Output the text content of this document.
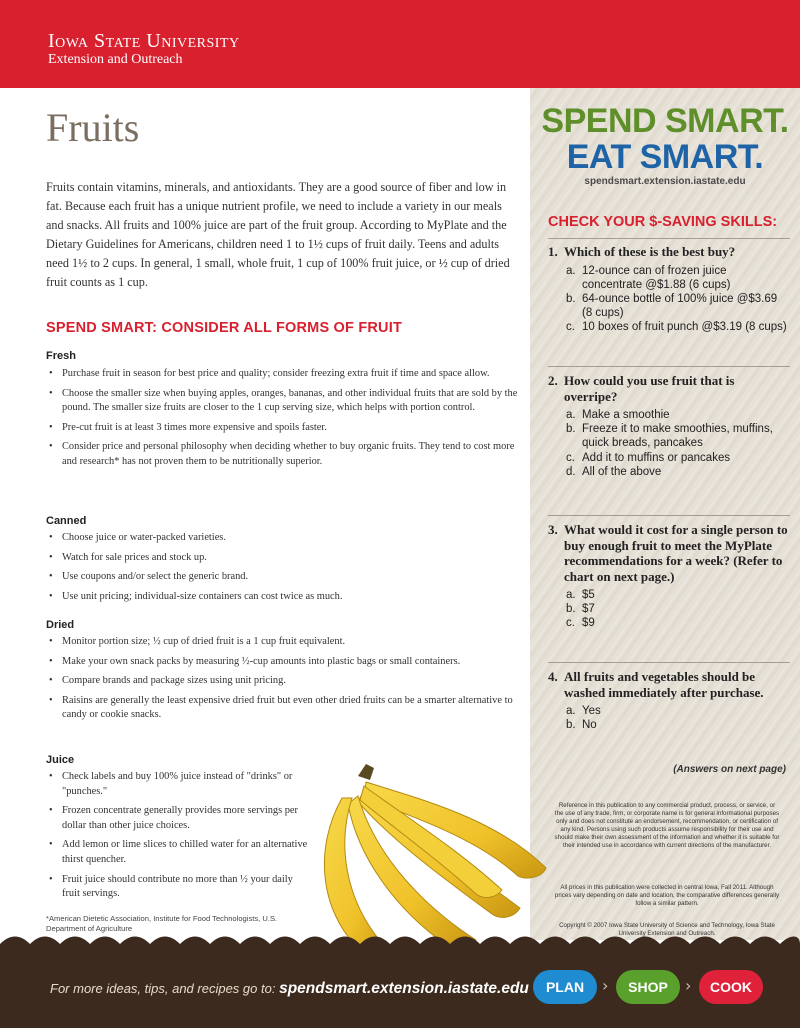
Iowa State University
Extension and Outreach
Fruits

Fruits contain vitamins, minerals, and antioxidants. They are a good source of fiber and low in fat. Because each fruit has a unique nutrient profile, we need to include a variety in our meals and snacks. All fruits and 100% juice are part of the fruit group. According to MyPlate and the Dietary Guidelines for Americans, children need 1 to 1½ cups of fruit daily. Teens and adults need 1½ to 2 cups. In general, 1 small, whole fruit, 1 cup of 100% fruit juice, or ½ cup of dried fruit counts as 1 cup.

SPEND SMART: CONSIDER ALL FORMS OF FRUIT
Fresh
• Purchase fruit in season for best price and quality; consider freezing extra fruit if time and space allow.
• Choose the smaller size when buying apples, oranges, bananas, and other individual fruits that are sold by the pound. The smaller size fruits are closer to the 1 cup serving size, which helps with portion control.
• Pre-cut fruit is at least 3 times more expensive and spoils faster.
• Consider price and personal philosophy when deciding whether to buy organic fruits. They tend to cost more and research* has not proven them to be nutritionally superior.
Canned
• Choose juice or water-packed varieties.
• Watch for sale prices and stock up.
• Use coupons and/or select the generic brand.
• Use unit pricing; individual-size containers can cost twice as much.
Dried
• Monitor portion size; ½ cup of dried fruit is a 1 cup fruit equivalent.
• Make your own snack packs by measuring ½-cup amounts into plastic bags or small containers.
• Compare brands and package sizes using unit pricing.
• Raisins are generally the least expensive dried fruit but even other dried fruits can be a smarter alternative to candy or cookie snacks.
Juice
• Check labels and buy 100% juice instead of "drinks" or "punches."
• Frozen concentrate generally provides more servings per dollar than other juice choices.
• Add lemon or lime slices to chilled water for an alternative thirst quencher.
• Fruit juice should contribute no more than ½ your daily fruit servings.
*American Dietetic Association, Institute for Food Technologists, U.S. Department of Agriculture
SPEND SMART.
EAT SMART.
spendsmart.extension.iastate.edu
CHECK YOUR $-SAVING SKILLS:
1. Which of these is the best buy?
a. 12-ounce can of frozen juice concentrate @$1.88 (6 cups)
b. 64-ounce bottle of 100% juice @$3.69 (8 cups)
c. 10 boxes of fruit punch @$3.19 (8 cups)
2. How could you use fruit that is overripe?
a. Make a smoothie
b. Freeze it to make smoothies, muffins, quick breads, pancakes
c. Add it to muffins or pancakes
d. All of the above
3. What would it cost for a single person to buy enough fruit to meet the MyPlate recommendations for a week? (Refer to chart on next page.)
a. $5
b. $7
c. $9
4. All fruits and vegetables should be washed immediately after purchase.
a. Yes
b. No
(Answers on next page)
Reference in this publication to any commercial product, process, or service, or the use of any trade, firm, or corporate name is for general informational purposes only and does not constitute an endorsement, recommendation, or certification of any kind. Persons using such products assume responsibility for their use and should make their own assessment of the information and whether it is suitable for their intended use in accordance with current directions of the manufacturer.
All prices in this publication were collected in central Iowa, Fall 2011. Although prices vary depending on date and location, the comparative differences generally follow a similar pattern.
Copyright © 2007 Iowa State University of Science and Technology, Iowa State University Extension and Outreach.
For more ideas, tips, and recipes go to: spendsmart.extension.iastate.edu	PLAN	›	SHOP	›	COOK
